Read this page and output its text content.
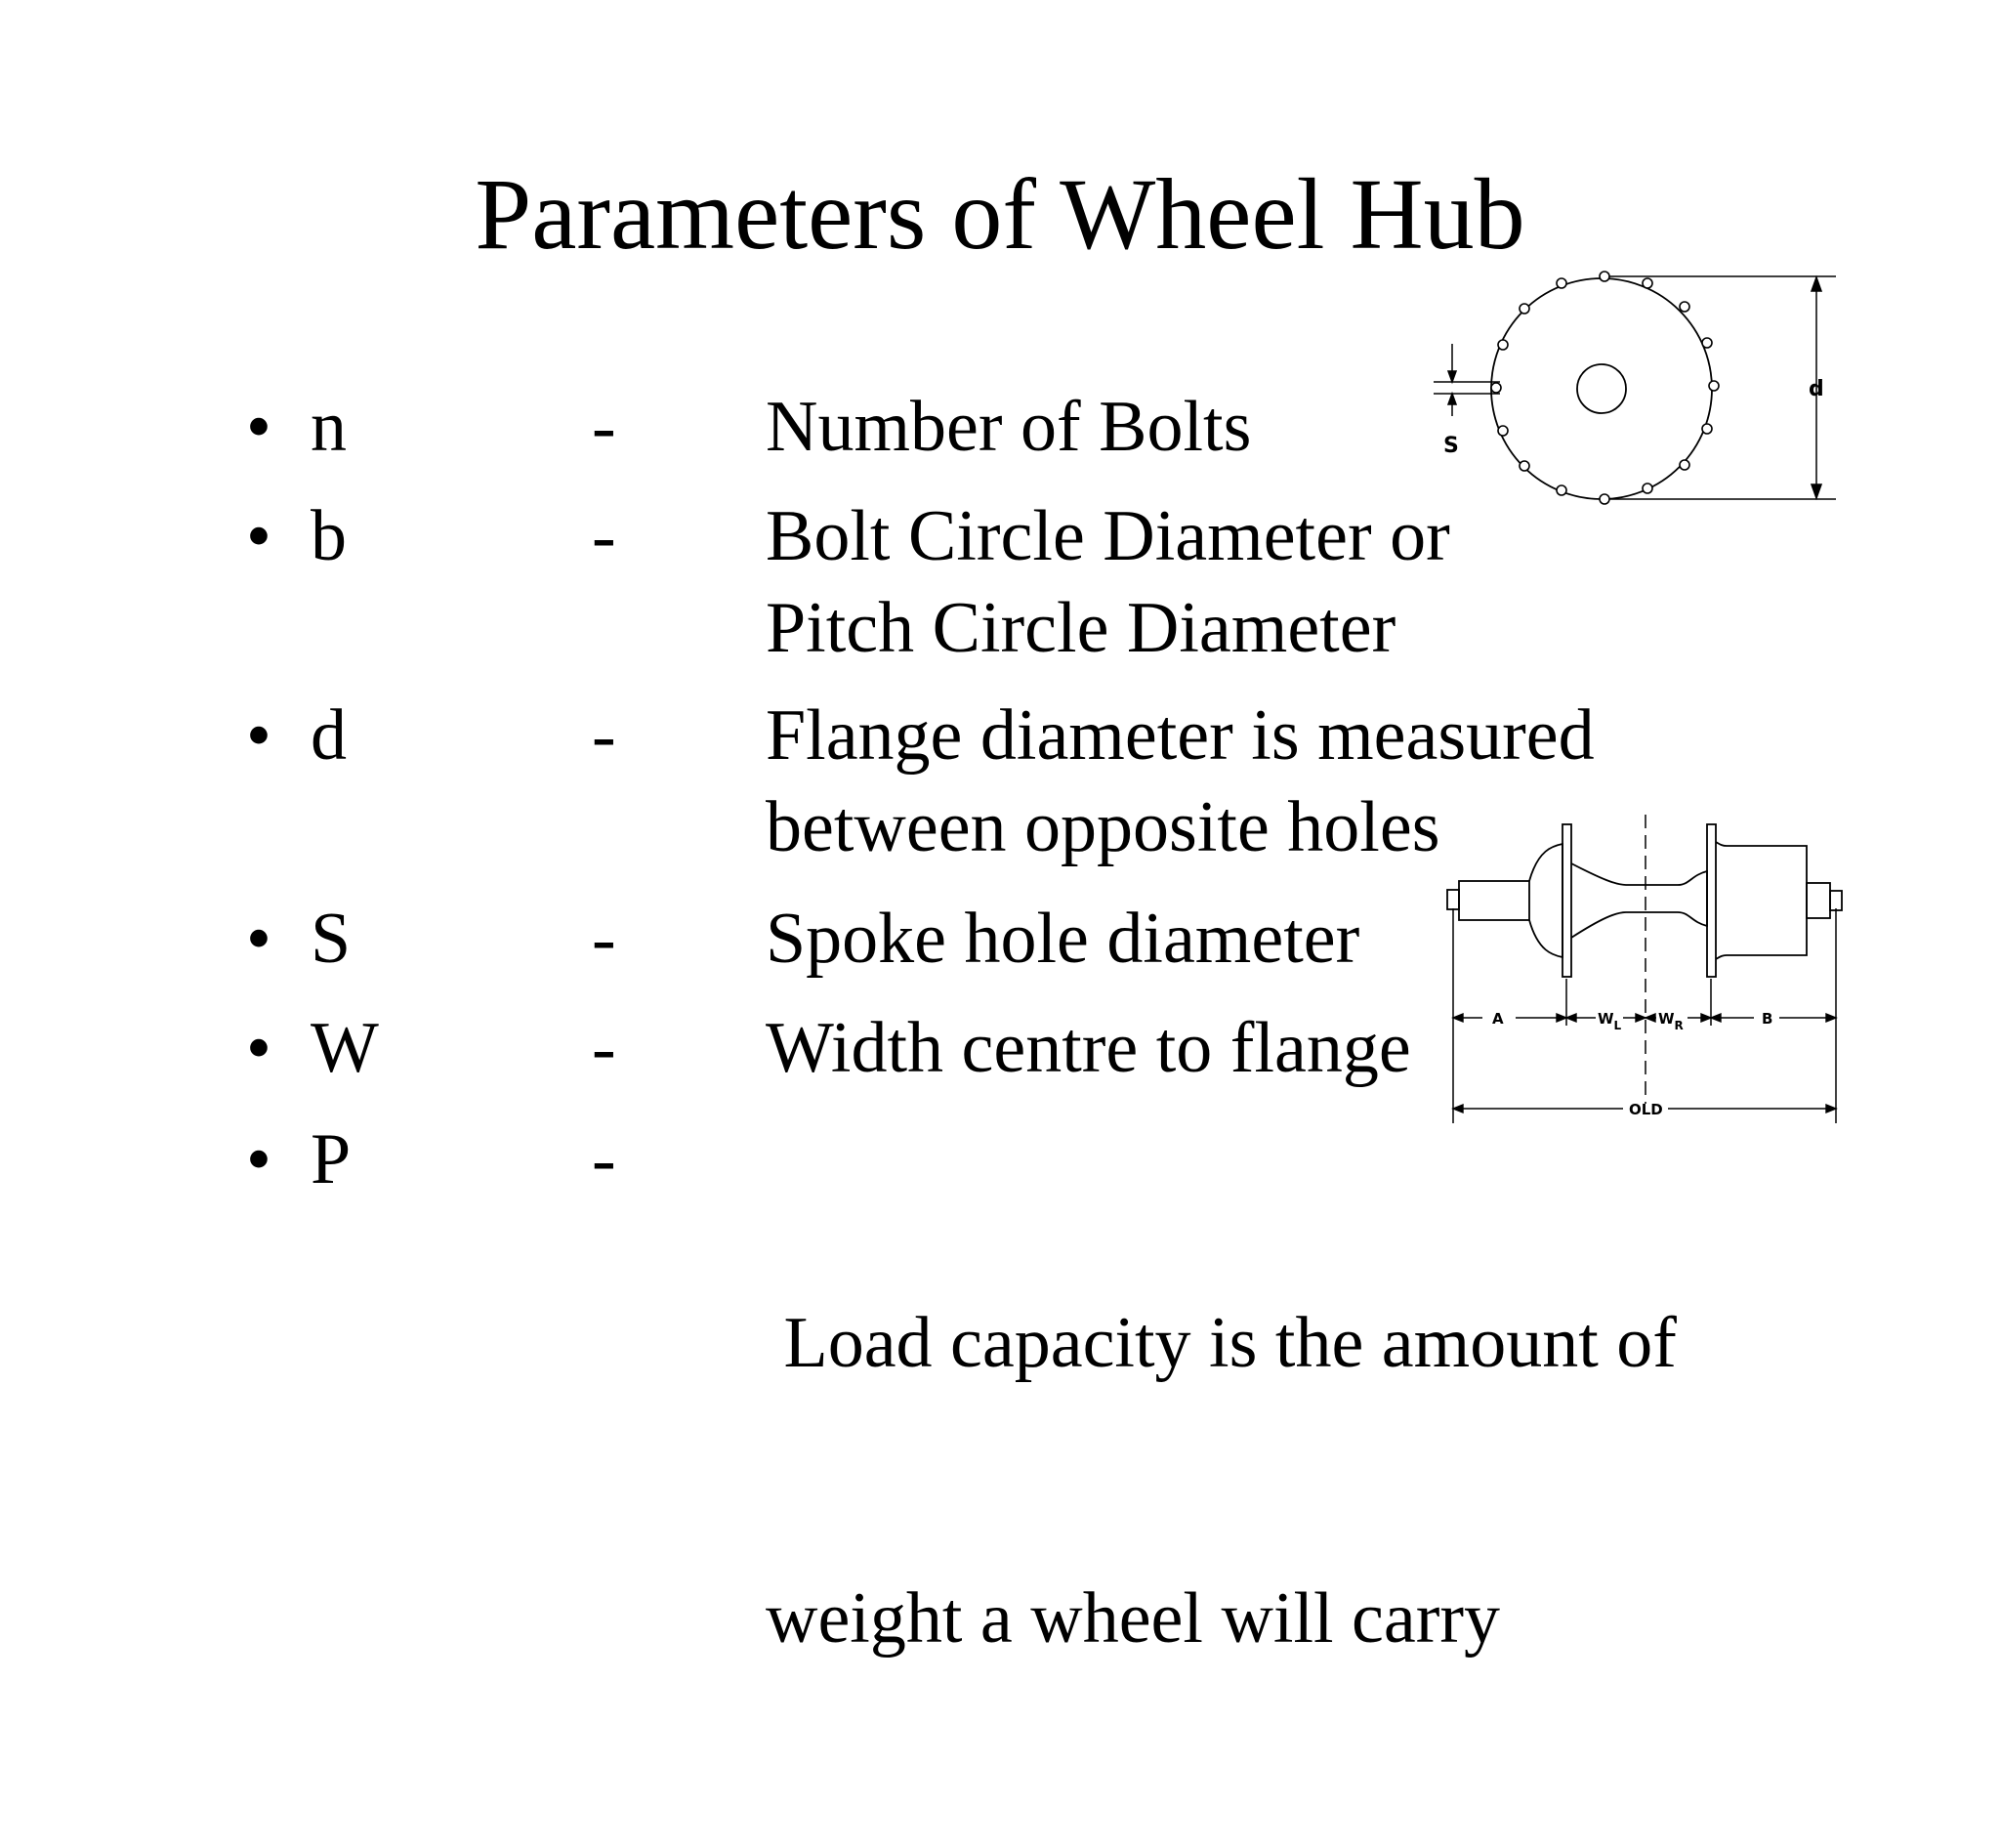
Parameters of Wheel Hub
• n	- Number of Bolts
• b	- Bolt Circle Diameter or
Pitch Circle Diameter
• d	- Flange diameter is measured
between opposite holes
• S	- Spoke hole diameter
• W	- Width centre to flange
• P	-

Load capacity is the amount of

weight a wheel will carry

d
S
A	$W_L$	$W_R$	B
OLD
